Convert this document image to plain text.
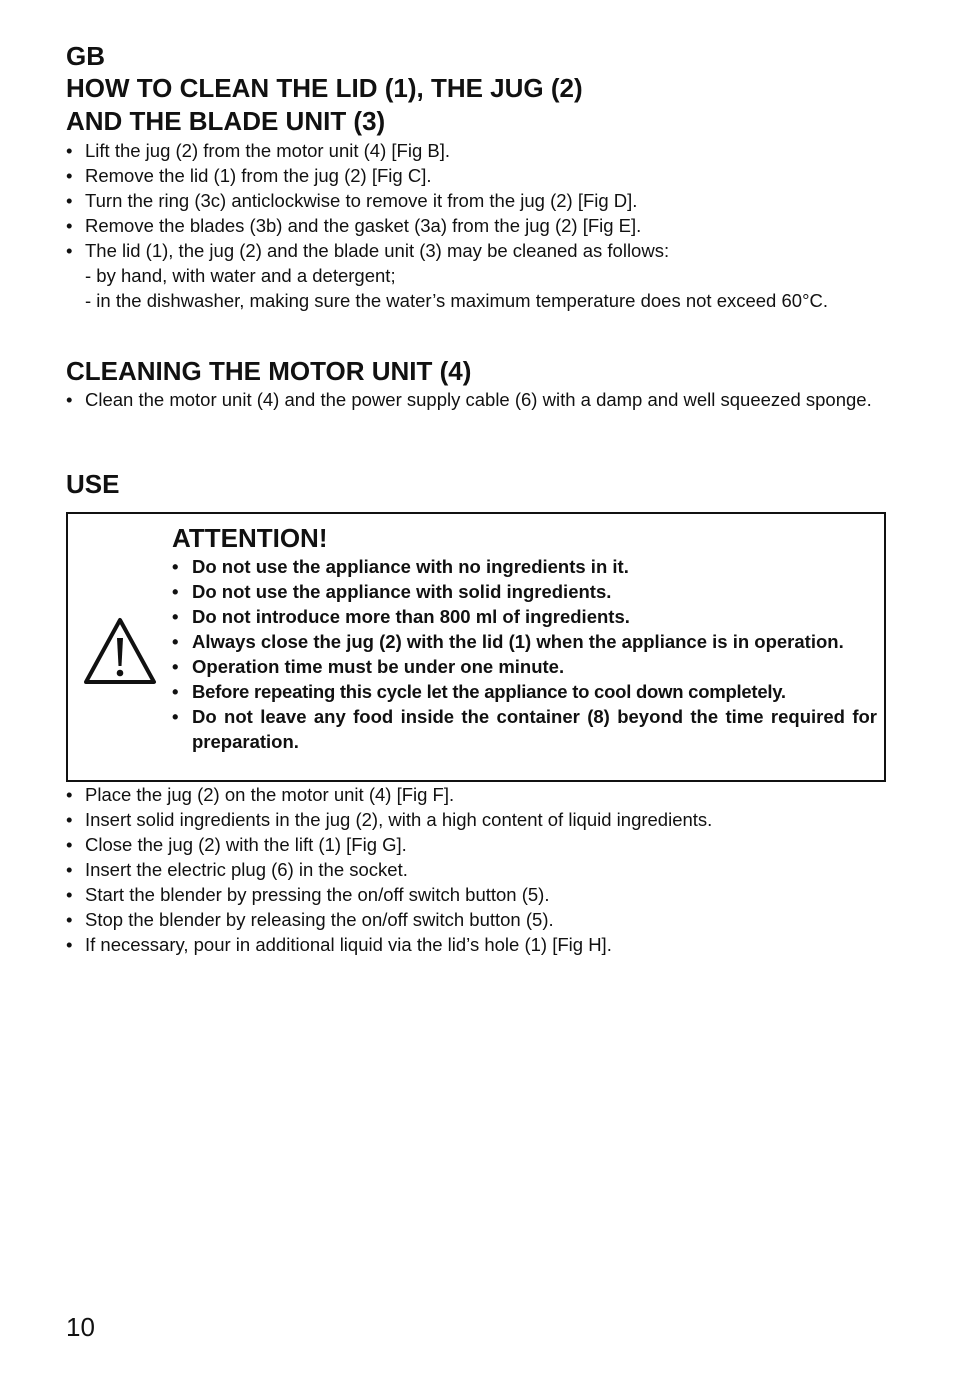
GB

HOW TO CLEAN THE LID (1), THE JUG (2)

AND THE BLADE UNIT (3)

• Lift the jug (2) from the motor unit (4) [Fig B].
• Remove the lid (1) from the jug (2) [Fig C].
• Turn the ring (3c) anticlockwise to remove it from the jug (2) [Fig D].
• Remove the blades (3b) and the gasket (3a) from the jug (2) [Fig E].
• The lid (1), the jug (2) and the blade unit (3) may be cleaned as follows:
- by hand, with water and a detergent;
- in the dishwasher, making sure the water’s maximum temperature does not exceed 60°C.

CLEANING THE MOTOR UNIT (4)

• Clean the motor unit (4) and the power supply cable (6) with a damp and well squeezed sponge.

USE

ATTENTION!

• Do not use the appliance with no ingredients in it.
• Do not use the appliance with solid ingredients.
• Do not introduce more than 800 ml of ingredients.
• Always close the jug (2) with the lid (1) when the appliance is in operation.
• Operation time must be under one minute.
• Before repeating this cycle let the appliance to cool down completely.
• Do not leave any food inside the container (8) beyond the time required for preparation.
• Place the jug (2) on the motor unit (4) [Fig F].
• Insert solid ingredients in the jug (2), with a high content of liquid ingredients.
• Close the jug (2) with the lift (1) [Fig G].
• Insert the electric plug (6) in the socket.
• Start the blender by pressing the on/off switch button (5).
• Stop the blender by releasing the on/off switch button (5).
• If necessary, pour in additional liquid via the lid’s hole (1) [Fig H].
10
